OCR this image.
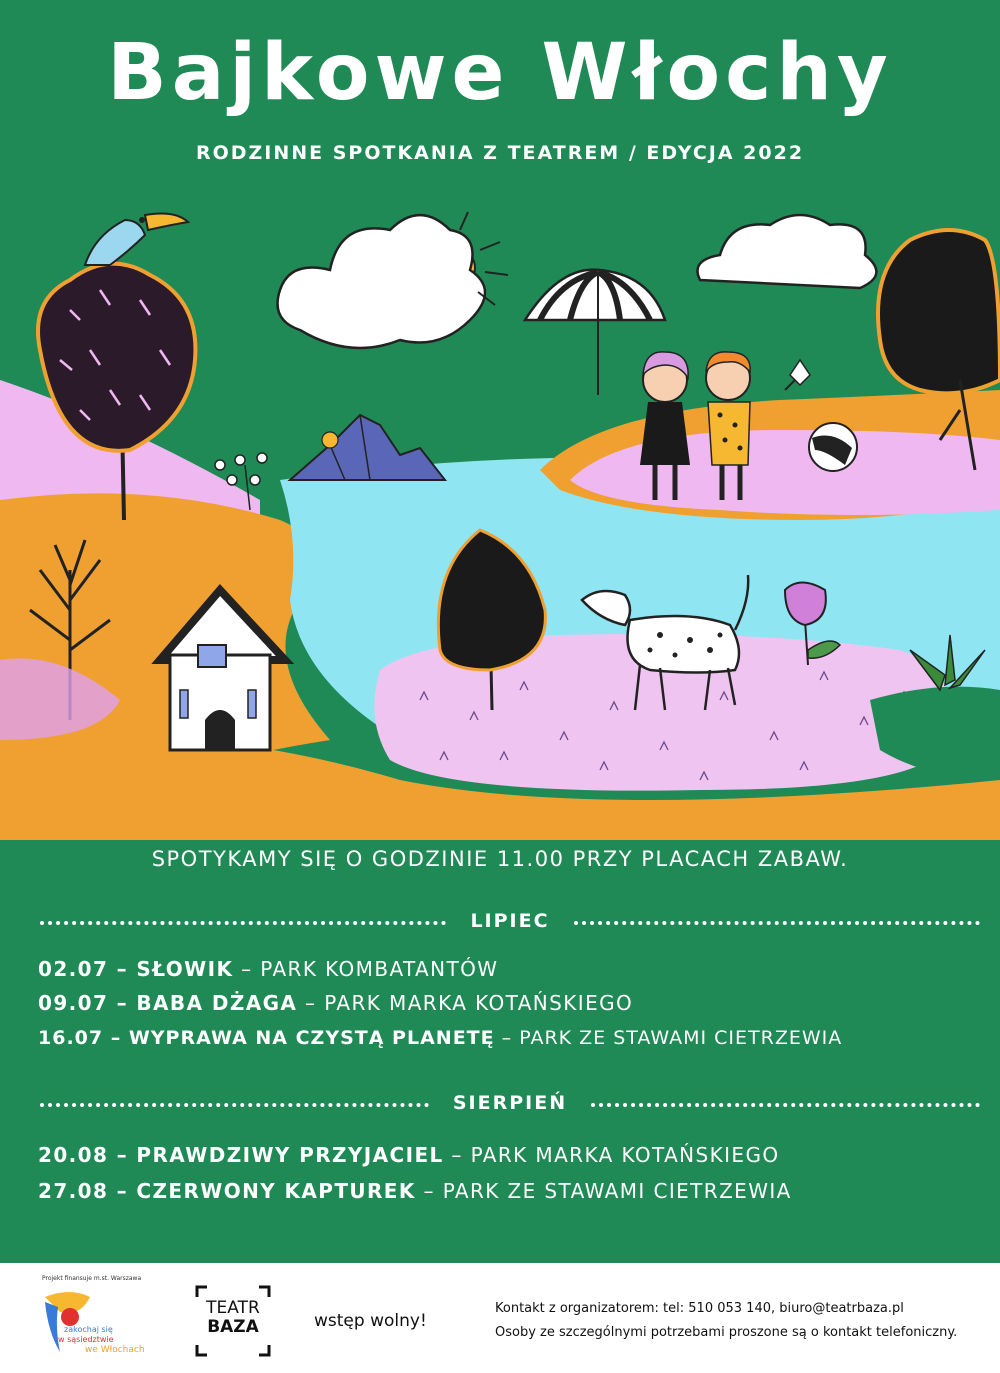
Bajkowe Włochy
RODZINNE SPOTKANIA Z TEATREM / EDYCJA 2022
SPOTYKAMY SIĘ O GODZINIE 11.00 PRZY PLACACH ZABAW.
LIPIEC
02.07 – SŁOWIK – PARK KOMBATANTÓW
09.07 – BABA DŻAGA – PARK MARKA KOTAŃSKIEGO
16.07 – WYPRAWA NA CZYSTĄ PLANETĘ – PARK ZE STAWAMI CIETRZEWIA
SIERPIEŃ
20.08 – PRAWDZIWY PRZYJACIEL – PARK MARKA KOTAŃSKIEGO
27.08 – CZERWONY KAPTUREK – PARK ZE STAWAMI CIETRZEWIA
Projekt finansuje m.st. Warszawa
zakochaj się
w sąsiedztwie
we Włochach
TEATR
BAZA	wstęp wolny!
Kontakt z organizatorem: tel: 510 053 140, biuro@teatrbaza.pl
Osoby ze szczególnymi potrzebami proszone są o kontakt telefoniczny.
